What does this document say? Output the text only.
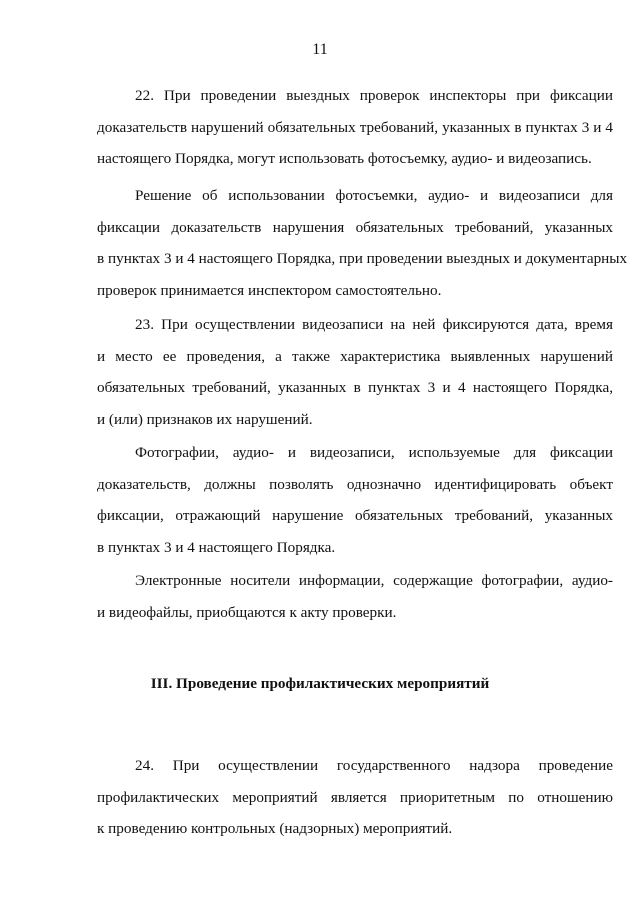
11
22. При проведении выездных проверок инспекторы при фиксации
доказательств нарушений обязательных требований, указанных в пунктах 3 и 4
настоящего Порядка, могут использовать фотосъемку, аудио- и видеозапись.
Решение об использовании фотосъемки, аудио- и видеозаписи для
фиксации доказательств нарушения обязательных требований, указанных
в пунктах 3 и 4 настоящего Порядка, при проведении выездных и документарных
проверок принимается инспектором самостоятельно.
23. При осуществлении видеозаписи на ней фиксируются дата, время
и место ее проведения, а также характеристика выявленных нарушений
обязательных требований, указанных в пунктах 3 и 4 настоящего Порядка,
и (или) признаков их нарушений.
Фотографии, аудио- и видеозаписи, используемые для фиксации
доказательств, должны позволять однозначно идентифицировать объект
фиксации, отражающий нарушение обязательных требований, указанных
в пунктах 3 и 4 настоящего Порядка.
Электронные носители информации, содержащие фотографии, аудио-
и видеофайлы, приобщаются к акту проверки.
III. Проведение профилактических мероприятий
24. При осуществлении государственного надзора проведение
профилактических мероприятий является приоритетным по отношению
к проведению контрольных (надзорных) мероприятий.
